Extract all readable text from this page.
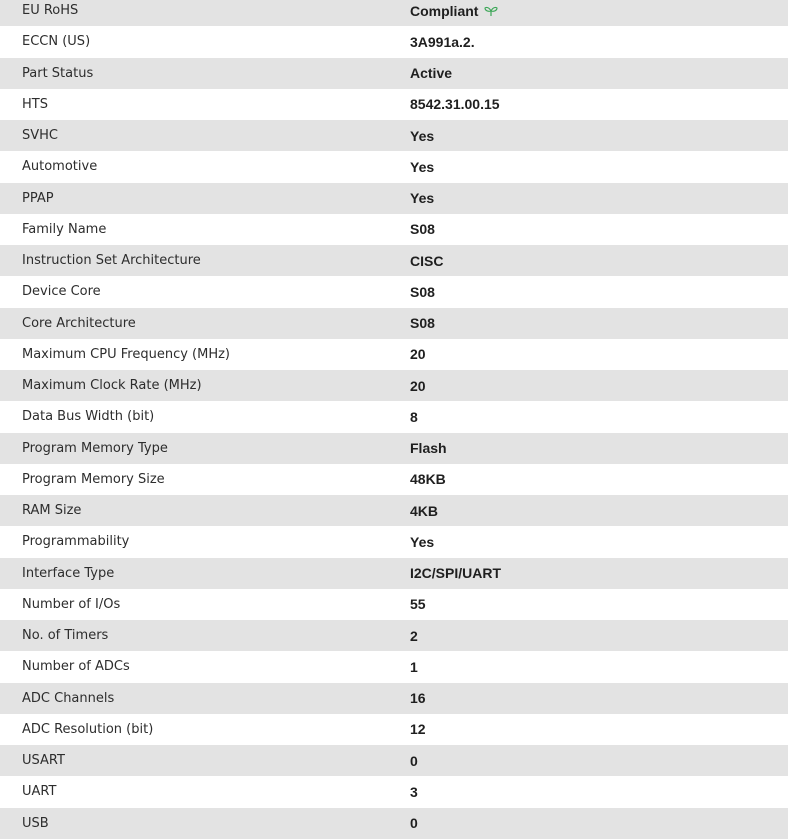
EU RoHS	Compliant
ECCN (US)	3A991a.2.
Part Status	Active
HTS	8542.31.00.15
SVHC	Yes
Automotive	Yes
PPAP	Yes
Family Name	S08
Instruction Set Architecture	CISC
Device Core	S08
Core Architecture	S08
Maximum CPU Frequency (MHz)	20
Maximum Clock Rate (MHz)	20
Data Bus Width (bit)	8
Program Memory Type	Flash
Program Memory Size	48KB
RAM Size	4KB
Programmability	Yes
Interface Type	I2C/SPI/UART
Number of I/Os	55
No. of Timers	2
Number of ADCs	1
ADC Channels	16
ADC Resolution (bit)	12
USART	0
UART	3
USB	0
